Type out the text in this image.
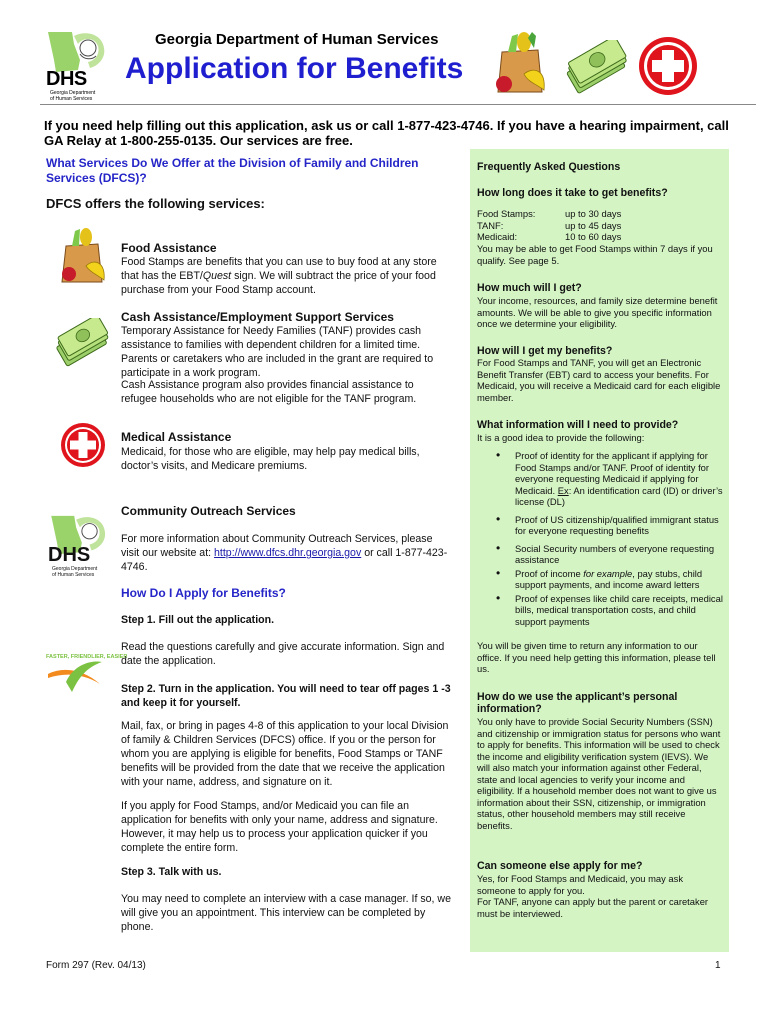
DHS
Georgia Department of Human Services
Georgia Department of Human Services
Application for Benefits
If you need help filling out this application, ask us or call 1-877-423-4746. If you have a hearing impairment, call GA Relay at 1-800-255-0135. Our services are free.
What Services Do We Offer at the Division of Family and Children Services (DFCS)?
DFCS offers the following services:
Food Assistance
Food Stamps are benefits that you can use to buy food at any store that has the EBT/Quest sign. We will subtract the price of your food purchase from your Food Stamp account.
Cash Assistance/Employment Support Services
Temporary Assistance for Needy Families (TANF) provides cash assistance to families with dependent children for a limited time. Parents or caretakers who are included in the grant are required to participate in a work program.
Cash Assistance program also provides financial assistance to refugee households who are not eligible for the TANF program.
Medical Assistance
Medicaid, for those who are eligible, may help pay medical bills, doctor’s visits, and Medicare premiums.
DHS
Georgia Department of Human Services
Community Outreach Services
For more information about Community Outreach Services, please visit our website at: http://www.dfcs.dhr.georgia.gov or call 1-877-423-4746.
How Do I Apply for Benefits?
Step 1. Fill out the application.
FASTER, FRIENDLIER, EASIER
Read the questions carefully and give accurate information. Sign and date the application.
Step 2. Turn in the application. You will need to tear off pages 1 -3 and keep it for yourself.
Mail, fax, or bring in pages 4-8 of this application to your local Division of family & Children Services (DFCS) office. If you or the person for whom you are applying is eligible for benefits, Food Stamps or TANF benefits will be provided from the date that we receive the application with your name, address, and signature on it.
If you apply for Food Stamps, and/or Medicaid you can file an application for benefits with only your name, address and signature. However, it may help us to process your application quicker if you complete the entire form.
Step 3. Talk with us.
You may need to complete an interview with a case manager. If so, we will give you an appointment. This interview can be completed by phone.
Frequently Asked Questions
How long does it take to get benefits?
Food Stamps:	up to 30 days
TANF:	up to 45 days
Medicaid:	10 to 60 days
You may be able to get Food Stamps within 7 days if you qualify. See page 5.
How much will I get?
Your income, resources, and family size determine benefit amounts. We will be able to give you specific information once we determine your eligibility.
How will I get my benefits?
For Food Stamps and TANF, you will get an Electronic Benefit Transfer (EBT) card to access your benefits. For Medicaid, you will receive a Medicaid card for each eligible member.
What information will I need to provide?
It is a good idea to provide the following:
• Proof of identity for the applicant if applying for Food Stamps and/or TANF. Proof of identity for everyone requesting Medicaid if applying for Medicaid. Ex: An identification card (ID) or driver’s license (DL)
• Proof of US citizenship/qualified immigrant status for everyone requesting benefits
• Social Security numbers of everyone requesting assistance
• Proof of income for example, pay stubs, child support payments, and income award letters
• Proof of expenses like child care receipts, medical bills, medical transportation costs, and child support payments
You will be given time to return any information to our office. If you need help getting this information, please tell us.
How do we use the applicant’s personal information?
You only have to provide Social Security Numbers (SSN) and citizenship or immigration status for persons who want to apply for benefits. This information will be used to check the income and eligibility verification system (IEVS). We will also match your information against other Federal, state and local agencies to verify your income and eligibility. If a household member does not want to give us information about their SSN, citizenship, or immigration status, other household members may still receive benefits.
Can someone else apply for me?
Yes, for Food Stamps and Medicaid, you may ask someone to apply for you.
For TANF, anyone can apply but the parent or caretaker must be interviewed.
Form 297 (Rev. 04/13)	1
